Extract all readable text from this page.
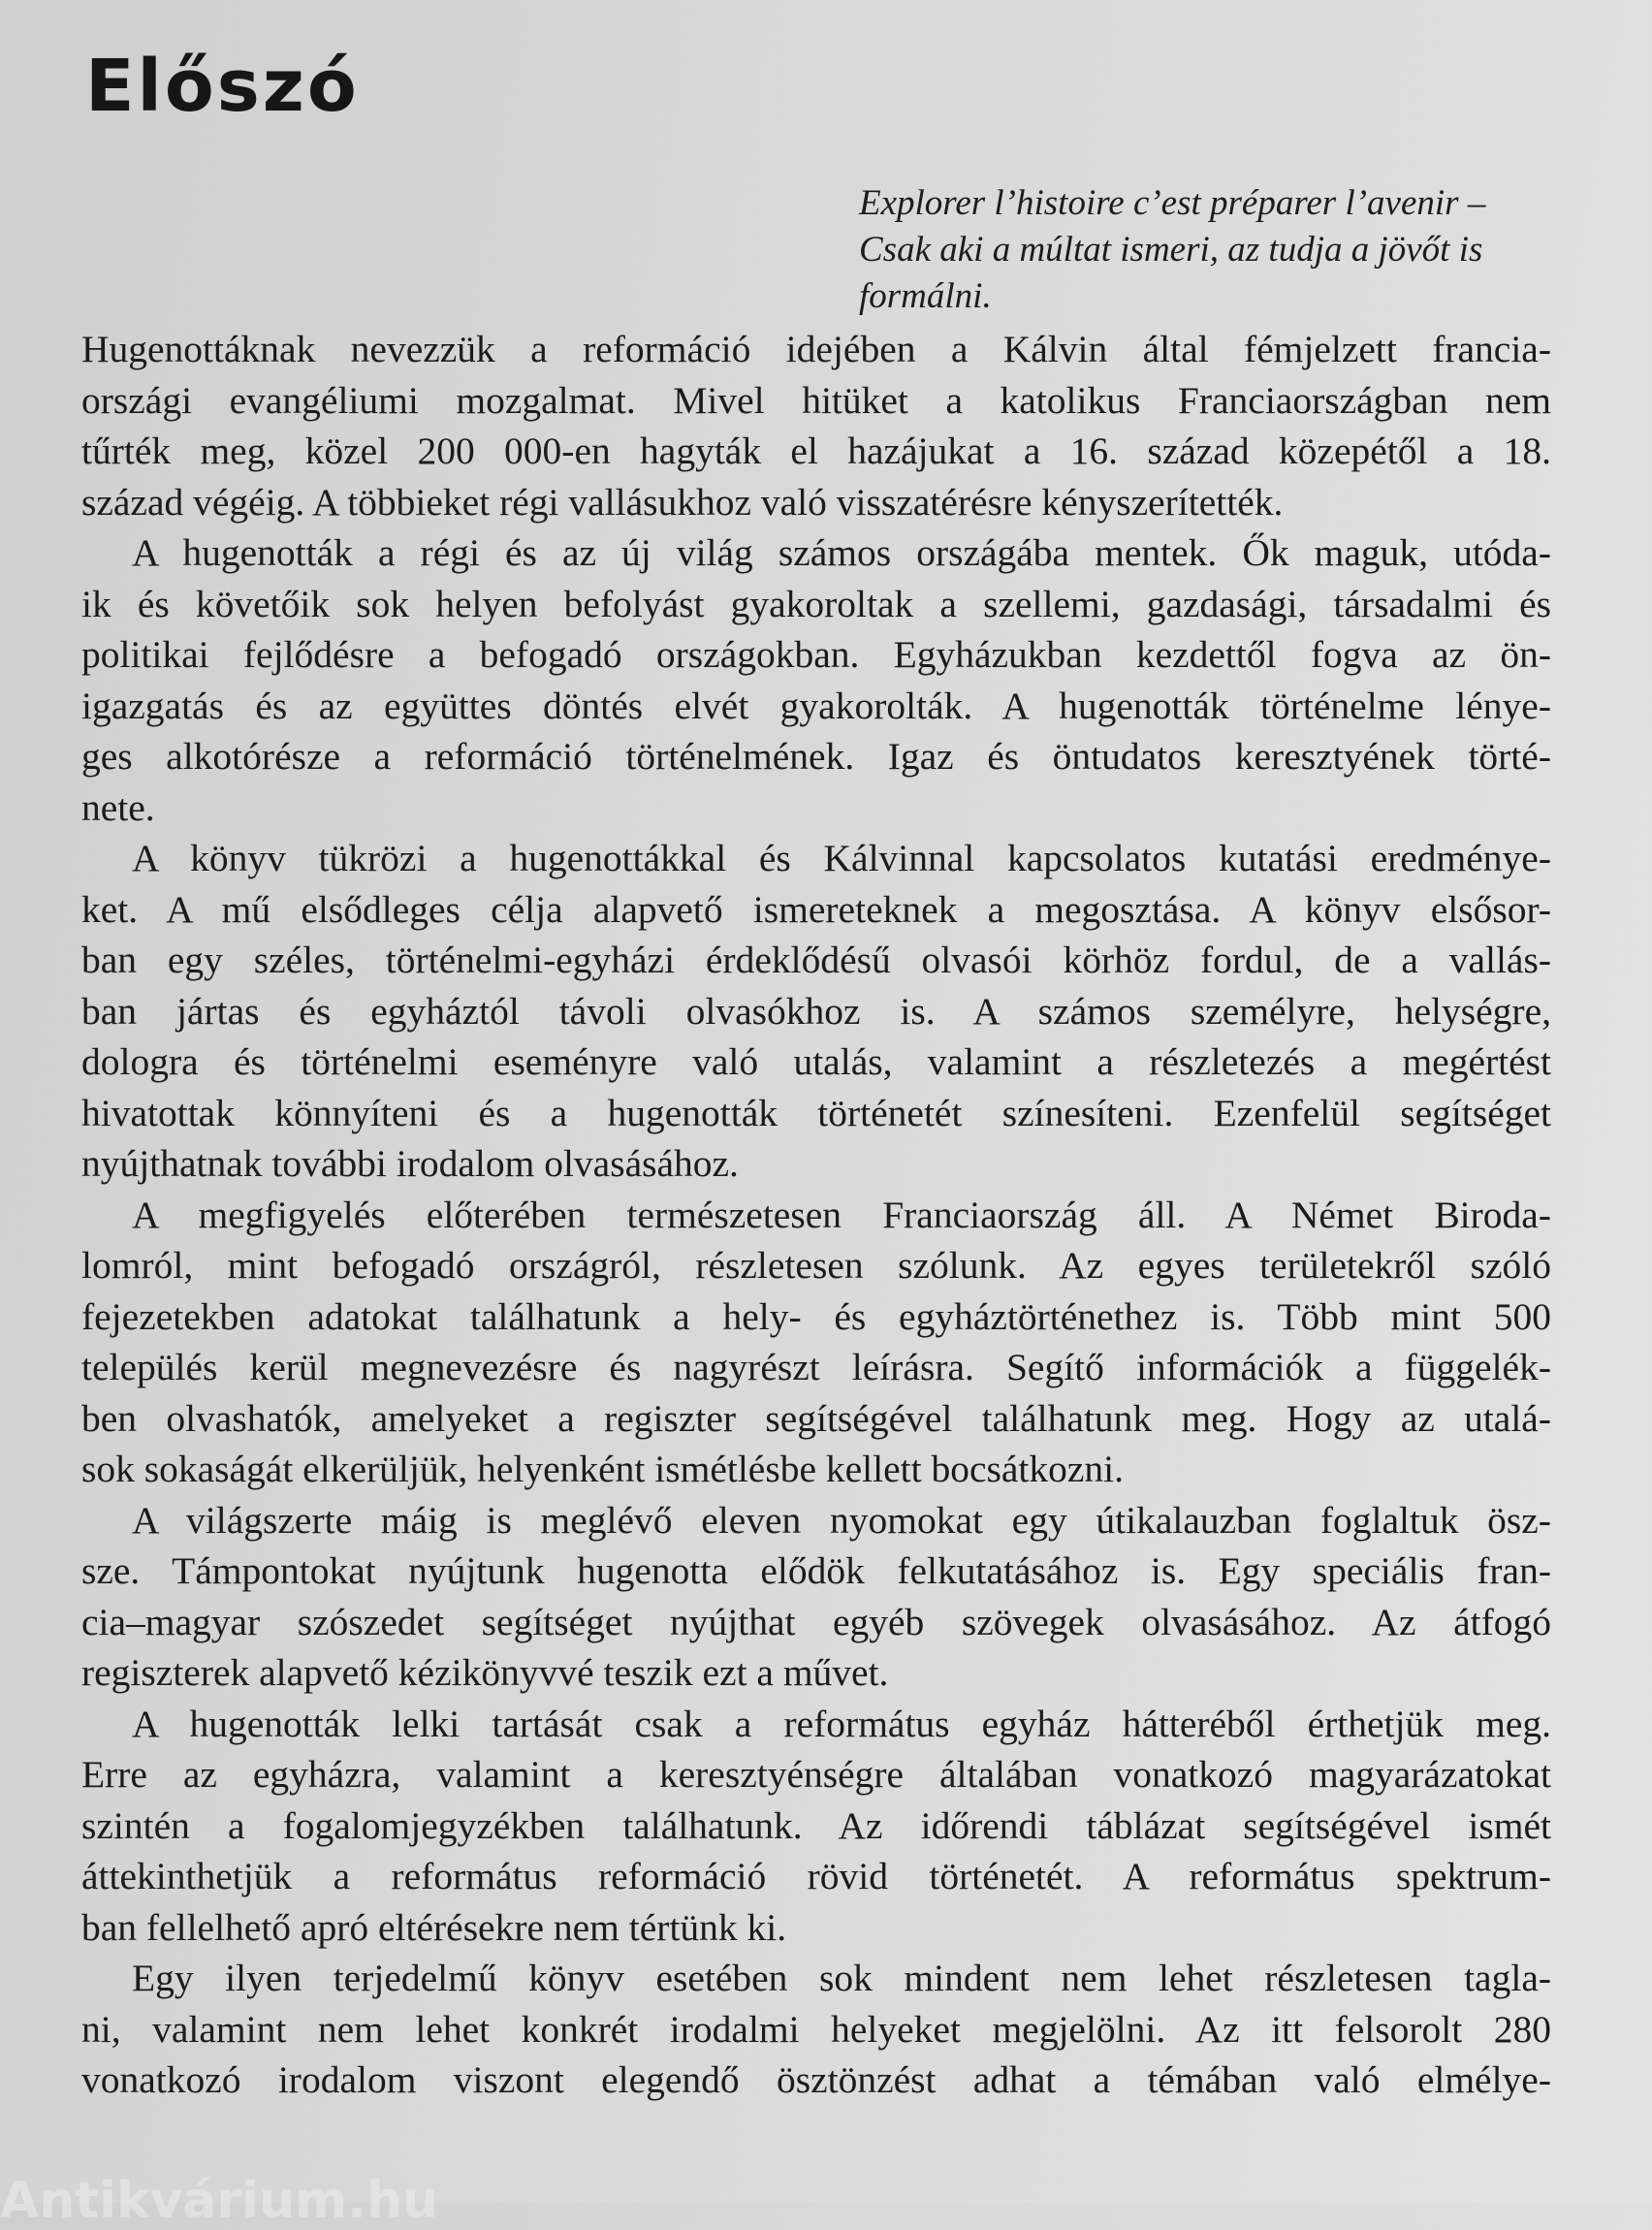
Előszó
Explorer l’histoire c’est préparer l’avenir –
Csak aki a múltat ismeri, az tudja a jövőt is formálni.
Hugenottáknak nevezzük a reformáció idejében a Kálvin által fémjelzett francia-
országi evangéliumi mozgalmat. Mivel hitüket a katolikus Franciaországban nem
tűrték meg, közel 200 000-en hagyták el hazájukat a 16. század közepétől a 18.
század végéig. A többieket régi vallásukhoz való visszatérésre kényszerítették.
A hugenották a régi és az új világ számos országába mentek. Ők maguk, utóda-
ik és követőik sok helyen befolyást gyakoroltak a szellemi, gazdasági, társadalmi és
politikai fejlődésre a befogadó országokban. Egyházukban kezdettől fogva az ön-
igazgatás és az együttes döntés elvét gyakorolták. A hugenották történelme lénye-
ges alkotórésze a reformáció történelmének. Igaz és öntudatos keresztyének törté-
nete.
A könyv tükrözi a hugenottákkal és Kálvinnal kapcsolatos kutatási eredménye-
ket. A mű elsődleges célja alapvető ismereteknek a megosztása. A könyv elsősor-
ban egy széles, történelmi-egyházi érdeklődésű olvasói körhöz fordul, de a vallás-
ban jártas és egyháztól távoli olvasókhoz is. A számos személyre, helységre,
dologra és történelmi eseményre való utalás, valamint a részletezés a megértést
hivatottak könnyíteni és a hugenották történetét színesíteni. Ezenfelül segítséget
nyújthatnak további irodalom olvasásához.
A megfigyelés előterében természetesen Franciaország áll. A Német Biroda-
lomról, mint befogadó országról, részletesen szólunk. Az egyes területekről szóló
fejezetekben adatokat találhatunk a hely- és egyháztörténethez is. Több mint 500
település kerül megnevezésre és nagyrészt leírásra. Segítő információk a függelék-
ben olvashatók, amelyeket a regiszter segítségével találhatunk meg. Hogy az utalá-
sok sokaságát elkerüljük, helyenként ismétlésbe kellett bocsátkozni.
A világszerte máig is meglévő eleven nyomokat egy útikalauzban foglaltuk ösz-
sze. Támpontokat nyújtunk hugenotta elődök felkutatásához is. Egy speciális fran-
cia–magyar szószedet segítséget nyújthat egyéb szövegek olvasásához. Az átfogó
regiszterek alapvető kézikönyvvé teszik ezt a művet.
A hugenották lelki tartását csak a református egyház hátteréből érthetjük meg.
Erre az egyházra, valamint a keresztyénségre általában vonatkozó magyarázatokat
szintén a fogalomjegyzékben találhatunk. Az időrendi táblázat segítségével ismét
áttekinthetjük a református reformáció rövid történetét. A református spektrum-
ban fellelhető apró eltérésekre nem tértünk ki.
Egy ilyen terjedelmű könyv esetében sok mindent nem lehet részletesen tagla-
ni, valamint nem lehet konkrét irodalmi helyeket megjelölni. Az itt felsorolt 280
vonatkozó irodalom viszont elegendő ösztönzést adhat a témában való elmélye-
Antikvárium.hu
